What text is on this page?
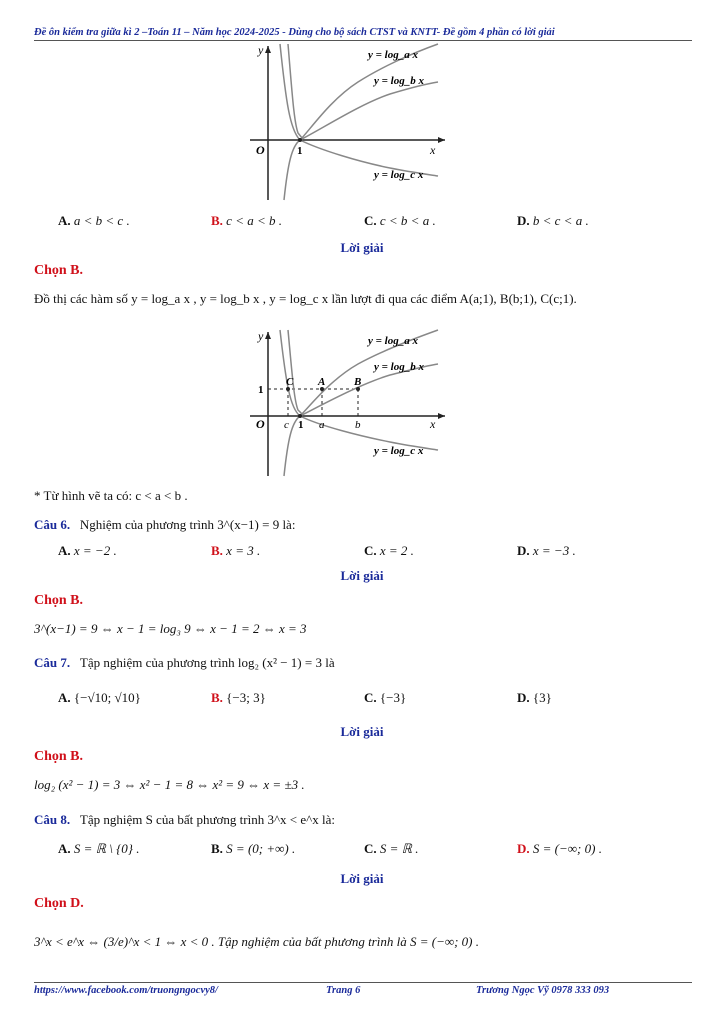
Đề ôn kiểm tra giữa kì 2 –Toán 11 – Năm học 2024-2025 - Dùng cho bộ sách CTST và KNTT- Đề gồm 4 phần có lời giải
y
x
O	1
y = log_a x
y = log_b x
y = log_c x
A. a < b < c .	B. c < a < b .	C. c < b < a .	D. b < c < a .
Lời giải
Chọn B.
Đồ thị các hàm số y = log_a x , y = log_b x , y = log_c x lần lượt đi qua các điểm A(a;1), B(b;1), C(c;1).
y
x
O
1
c 1 a	b
C A	B
y = log_a x
y = log_b x
y = log_c x
* Từ hình vẽ ta có: c < a < b .
Câu 6. Nghiệm của phương trình 3^(x−1) = 9 là:
A. x = −2 .	B. x = 3 .	C. x = 2 .	D. x = −3 .
Lời giải
Chọn B.
3^(x−1) = 9 ⇔ x − 1 = log₃ 9 ⇔ x − 1 = 2 ⇔ x = 3
Câu 7. Tập nghiệm của phương trình log₂ (x² − 1) = 3 là
A. {−√10; √10}	B. {−3; 3}	C. {−3}	D. {3}
Lời giải
Chọn B.
log₂ (x² − 1) = 3 ⇔ x² − 1 = 8 ⇔ x² = 9 ⇔ x = ±3 .
Câu 8. Tập nghiệm S của bất phương trình 3^x < e^x là:
A. S = ℝ \ {0} .	B. S = (0; +∞) .	C. S = ℝ .	D. S = (−∞; 0) .
Lời giải
Chọn D.
3^x < e^x ⇔ (3/e)^x < 1 ⇔ x < 0 . Tập nghiệm của bất phương trình là S = (−∞; 0) .
https://www.facebook.com/truongngocvy8/	Trang 6	Trương Ngọc Vỹ 0978 333 093
